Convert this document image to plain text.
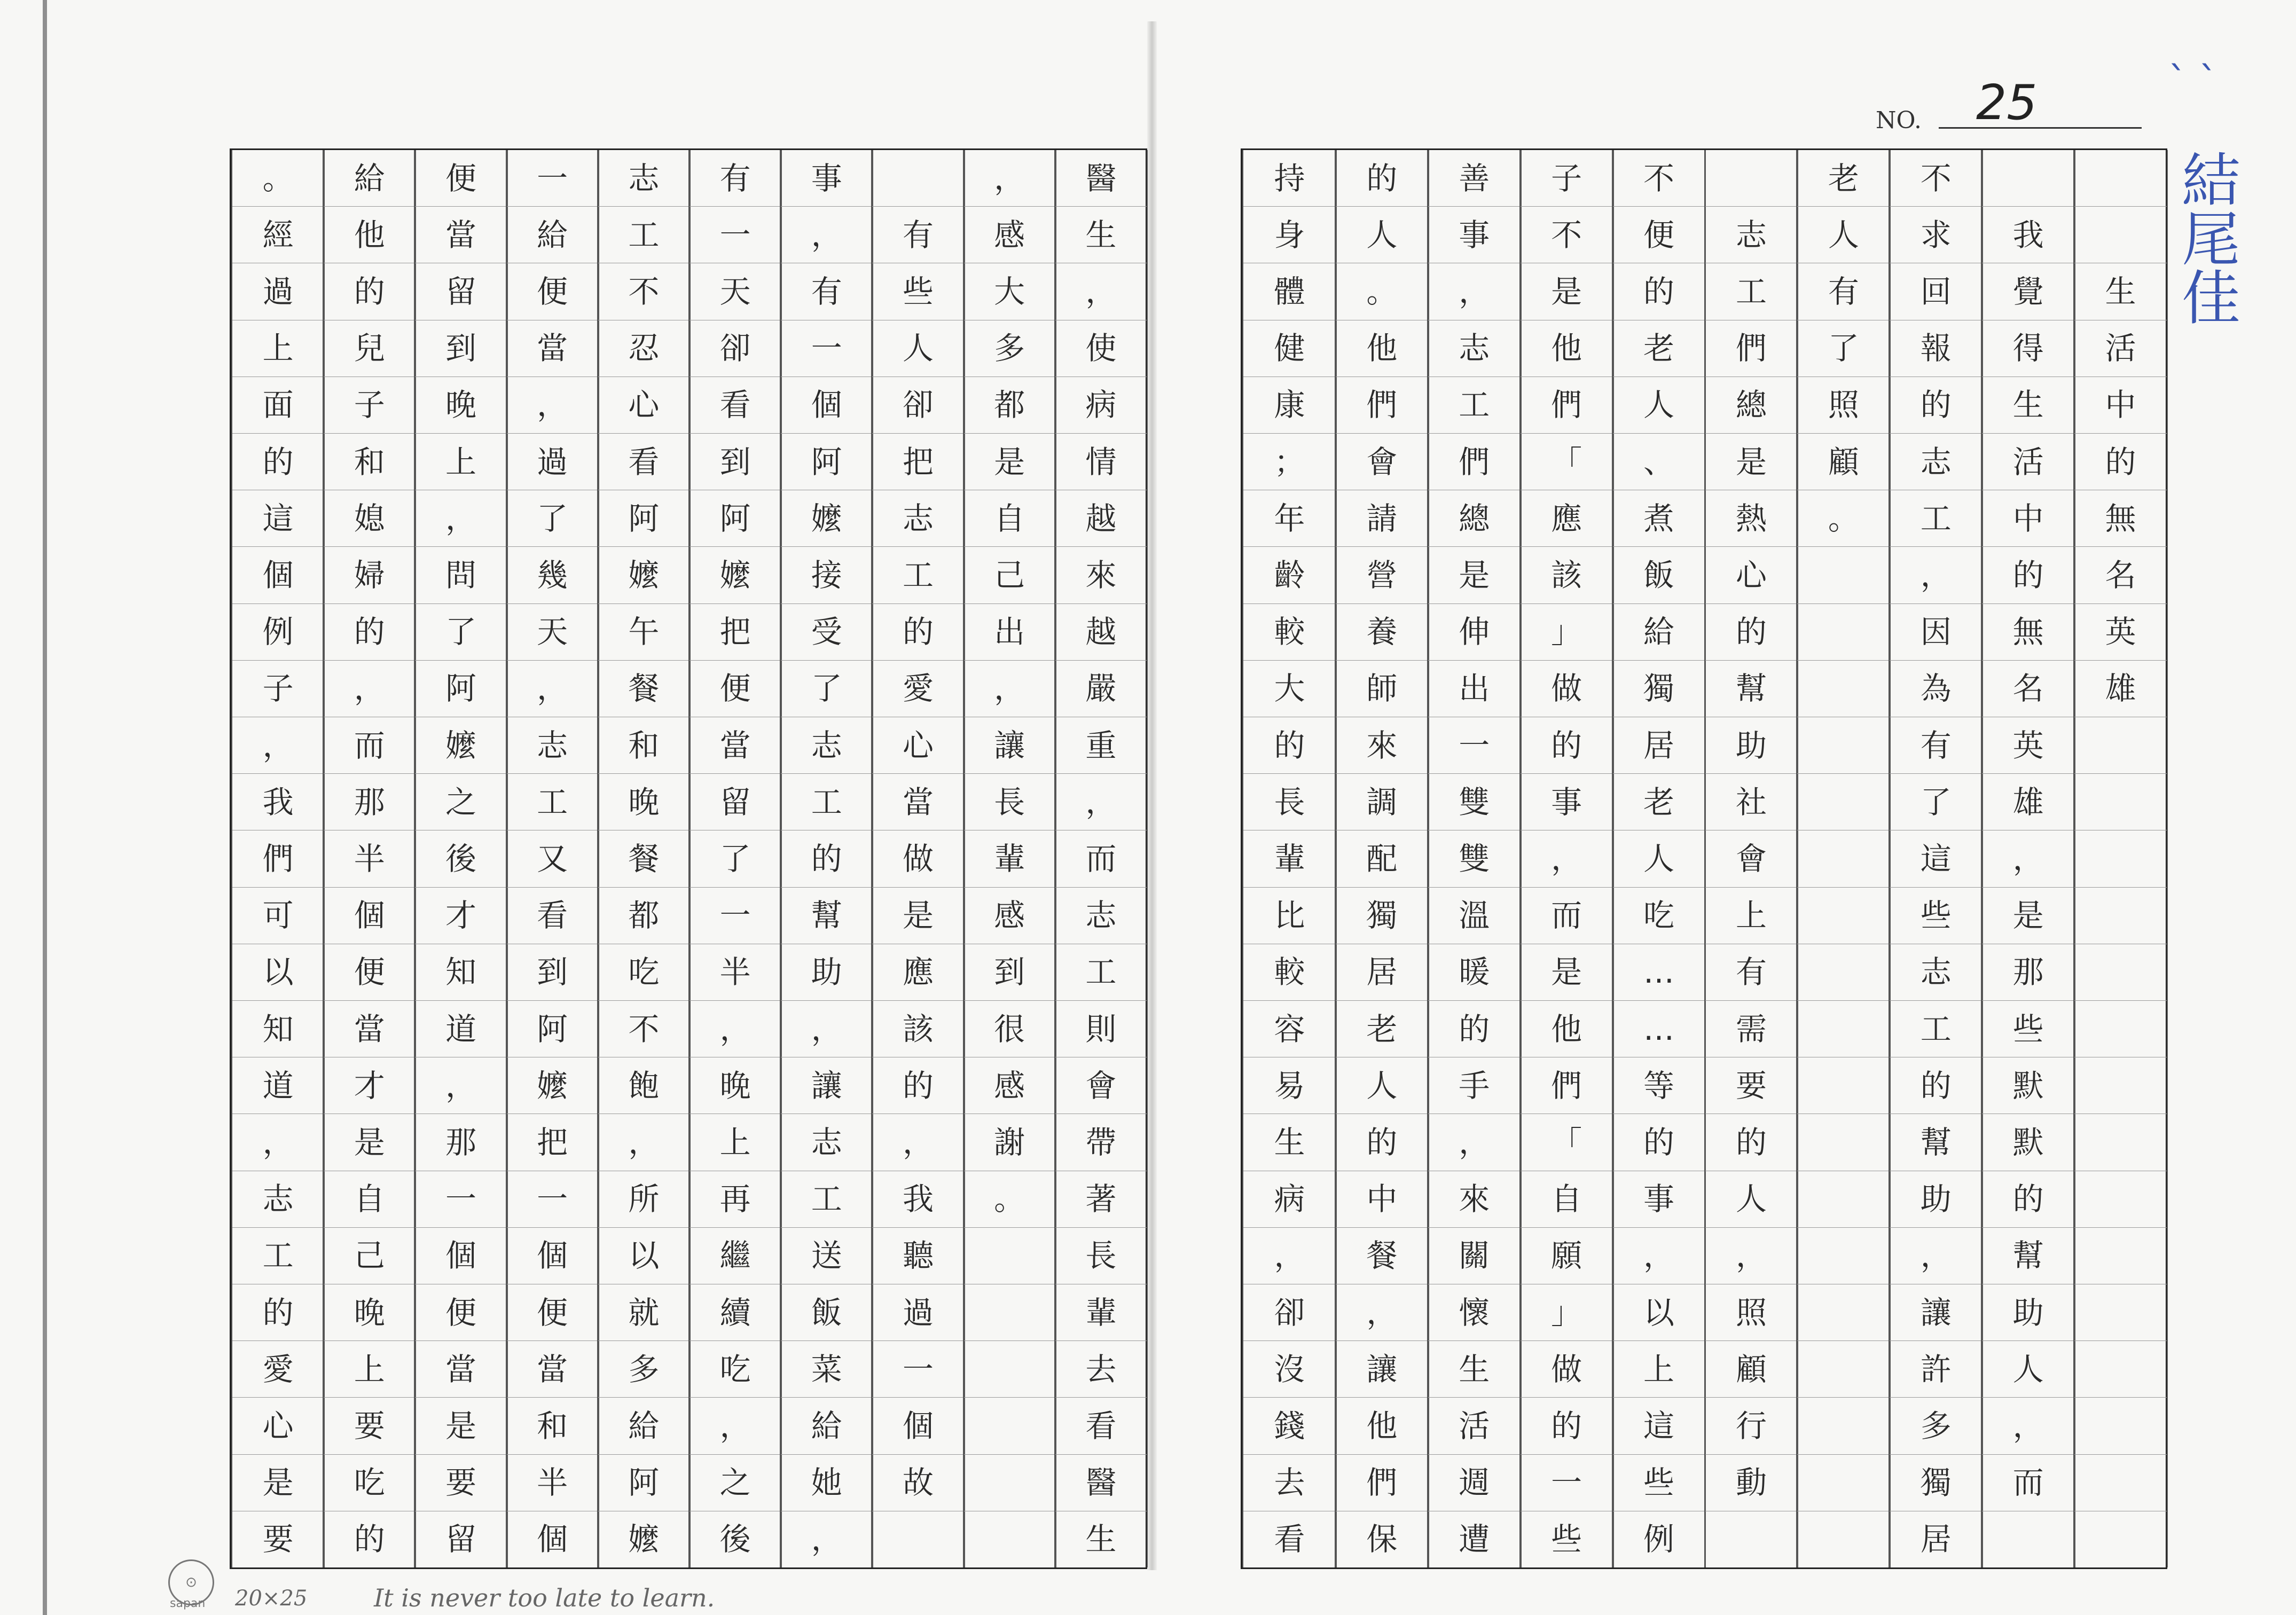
。
經
過
上
面
的
這
個
例
子
，
我
們
可
以
知
道
，
志
工
的
愛
心
是
要
給
他
的
兒
子
和
媳
婦
的
，
而
那
半
個
便
當
才
是
自
己
晚
上
要
吃
的
便
當
留
到
晚
上
，
問
了
阿
嬤
之
後
才
知
道
，
那
一
個
便
當
是
要
留
一
給
便
當
，
過
了
幾
天
，
志
工
又
看
到
阿
嬤
把
一
個
便
當
和
半
個
志
工
不
忍
心
看
阿
嬤
午
餐
和
晚
餐
都
吃
不
飽
，
所
以
就
多
給
阿
嬤
有
一
天
卻
看
到
阿
嬤
把
便
當
留
了
一
半
，
晚
上
再
繼
續
吃
，
之
後
事
，
有
一
個
阿
嬤
接
受
了
志
工
的
幫
助
，
讓
志
工
送
飯
菜
給
她
，
有
些
人
卻
把
志
工
的
愛
心
當
做
是
應
該
的
，
我
聽
過
一
個
故
，
感
大
多
都
是
自
己
出
，
讓
長
輩
感
到
很
感
謝
。
醫
生
，
使
病
情
越
來
越
嚴
重
，
而
志
工
則
會
帶
著
長
輩
去
看
醫
生
持
身
體
健
康
；
年
齡
較
大
的
長
輩
比
較
容
易
生
病
，
卻
沒
錢
去
看
的
人
。
他
們
會
請
營
養
師
來
調
配
獨
居
老
人
的
中
餐
，
讓
他
們
保
善
事
，
志
工
們
總
是
伸
出
一
雙
雙
溫
暖
的
手
，
來
關
懷
生
活
週
遭
子
不
是
他
們
「
應
該
」
做
的
事
，
而
是
他
們
「
自
願
」
做
的
一
些
不
便
的
老
人
、
煮
飯
給
獨
居
老
人
吃
…
…
等
的
事
，
以
上
這
些
例
志
工
們
總
是
熱
心
的
幫
助
社
會
上
有
需
要
的
人
，
照
顧
行
動
老
人
有
了
照
顧
。
不
求
回
報
的
志
工
，
因
為
有
了
這
些
志
工
的
幫
助
，
讓
許
多
獨
居
我
覺
得
生
活
中
的
無
名
英
雄
，
是
那
些
默
默
的
幫
助
人
，
而
生
活
中
的
無
名
英
雄
NO. 25	` `
結尾佳
⊙
sapan 20×25	It is never too late to learn.
